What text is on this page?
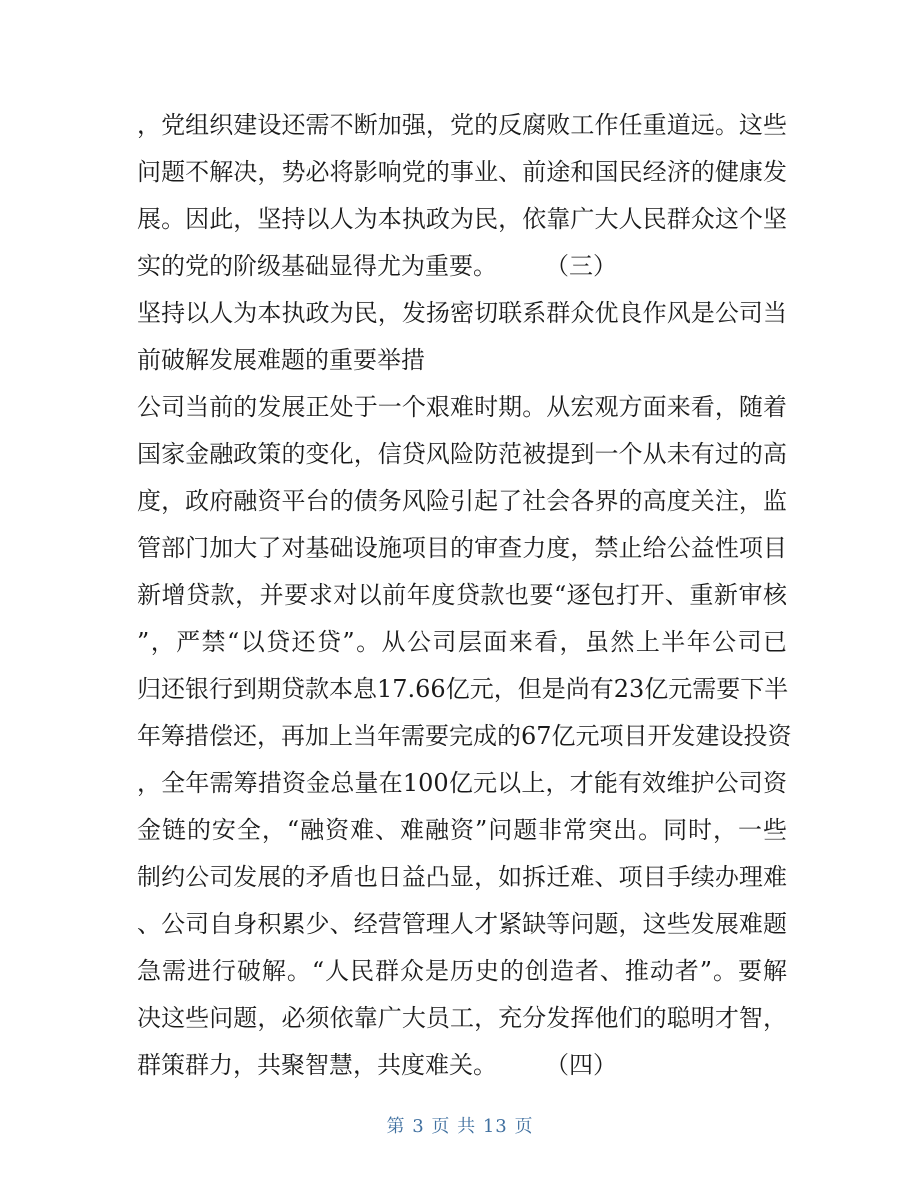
，党组织建设还需不断加强，党的反腐败工作任重道远。这些
问题不解决，势必将影响党的事业、前途和国民经济的健康发
展。因此，坚持以人为本执政为民，依靠广大人民群众这个坚
实的党的阶级基础显得尤为重要。　　　（三）
坚持以人为本执政为民，发扬密切联系群众优良作风是公司当
前破解发展难题的重要举措
公司当前的发展正处于一个艰难时期。从宏观方面来看，随着
国家金融政策的变化，信贷风险防范被提到一个从未有过的高
度，政府融资平台的债务风险引起了社会各界的高度关注，监
管部门加大了对基础设施项目的审查力度，禁止给公益性项目
新增贷款，并要求对以前年度贷款也要“逐包打开、重新审核
”，严禁“以贷还贷”。从公司层面来看，虽然上半年公司已
归还银行到期贷款本息17.66亿元，但是尚有23亿元需要下半
年筹措偿还，再加上当年需要完成的67亿元项目开发建设投资
，全年需筹措资金总量在100亿元以上，才能有效维护公司资
金链的安全，“融资难、难融资”问题非常突出。同时，一些
制约公司发展的矛盾也日益凸显，如拆迁难、项目手续办理难
、公司自身积累少、经营管理人才紧缺等问题，这些发展难题
急需进行破解。“人民群众是历史的创造者、推动者”。要解
决这些问题，必须依靠广大员工，充分发挥他们的聪明才智，
群策群力，共聚智慧，共度难关。　　　（四）
第 3 页 共 13 页
